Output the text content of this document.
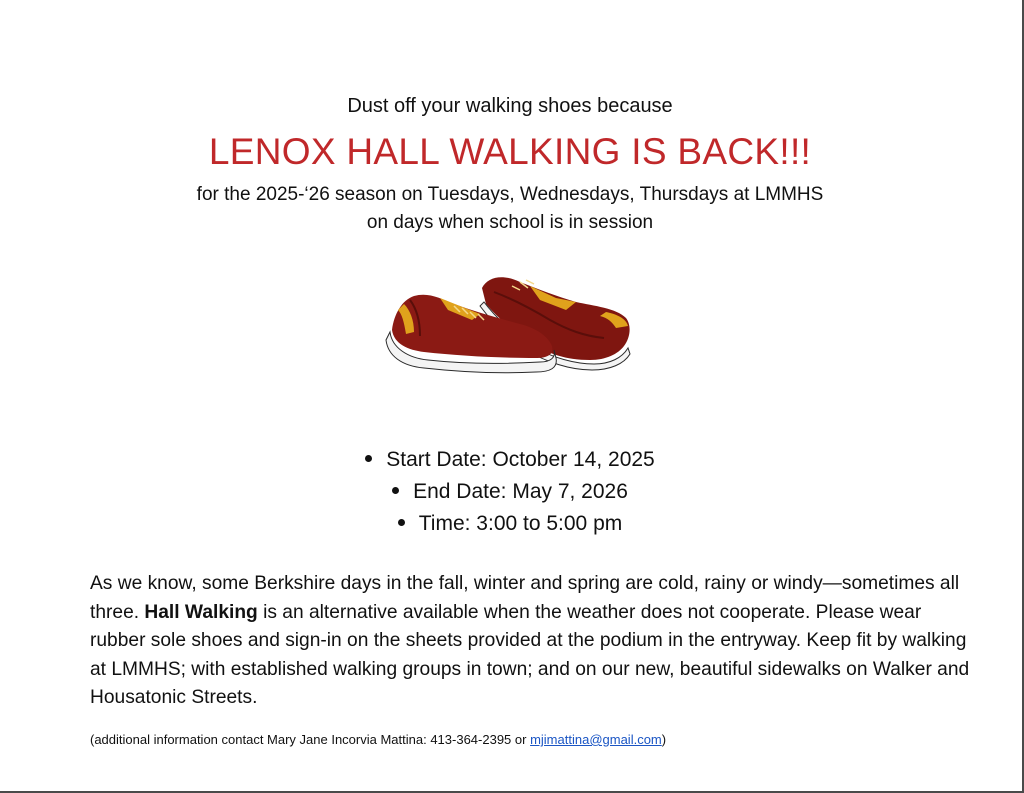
Dust off your walking shoes because
LENOX HALL WALKING IS BACK!!!
for the 2025-‘26 season on Tuesdays, Wednesdays, Thursdays at LMMHS
on days when school is in session
Start Date: October 14, 2025
End Date: May 7, 2026
Time: 3:00 to 5:00 pm
As we know, some Berkshire days in the fall, winter and spring are cold, rainy or windy—sometimes all three. Hall Walking is an alternative available when the weather does not cooperate. Please wear rubber sole shoes and sign-in on the sheets provided at the podium in the entryway. Keep fit by walking at LMMHS; with established walking groups in town; and on our new, beautiful sidewalks on Walker and Housatonic Streets.
(additional information contact Mary Jane Incorvia Mattina: 413-364-2395 or mjimattina@gmail.com)
